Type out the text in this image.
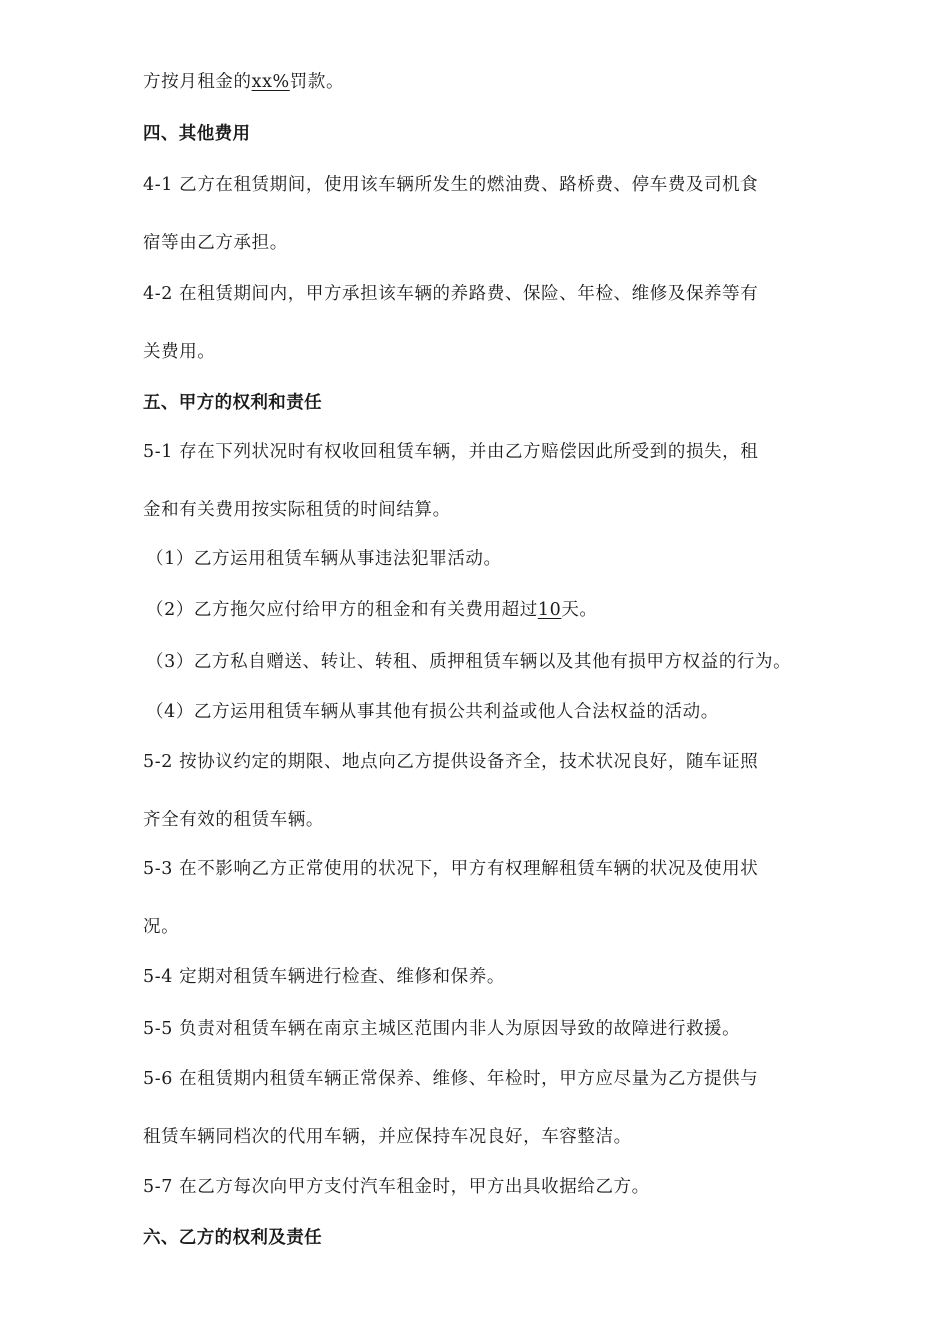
方按月租金的xx%罚款。
四、其他费用
4-1 乙方在租赁期间，使用该车辆所发生的燃油费、路桥费、停车费及司机食
宿等由乙方承担。
4-2 在租赁期间内，甲方承担该车辆的养路费、保险、年检、维修及保养等有
关费用。
五、甲方的权利和责任
5-1 存在下列状况时有权收回租赁车辆，并由乙方赔偿因此所受到的损失，租
金和有关费用按实际租赁的时间结算。
（1）乙方运用租赁车辆从事违法犯罪活动。
（2）乙方拖欠应付给甲方的租金和有关费用超过10天。
（3）乙方私自赠送、转让、转租、质押租赁车辆以及其他有损甲方权益的行为。
（4）乙方运用租赁车辆从事其他有损公共利益或他人合法权益的活动。
5-2 按协议约定的期限、地点向乙方提供设备齐全，技术状况良好，随车证照
齐全有效的租赁车辆。
5-3 在不影响乙方正常使用的状况下，甲方有权理解租赁车辆的状况及使用状
况。
5-4 定期对租赁车辆进行检查、维修和保养。
5-5 负责对租赁车辆在南京主城区范围内非人为原因导致的故障进行救援。
5-6 在租赁期内租赁车辆正常保养、维修、年检时，甲方应尽量为乙方提供与
租赁车辆同档次的代用车辆，并应保持车况良好，车容整洁。
5-7 在乙方每次向甲方支付汽车租金时，甲方出具收据给乙方。
六、乙方的权利及责任
